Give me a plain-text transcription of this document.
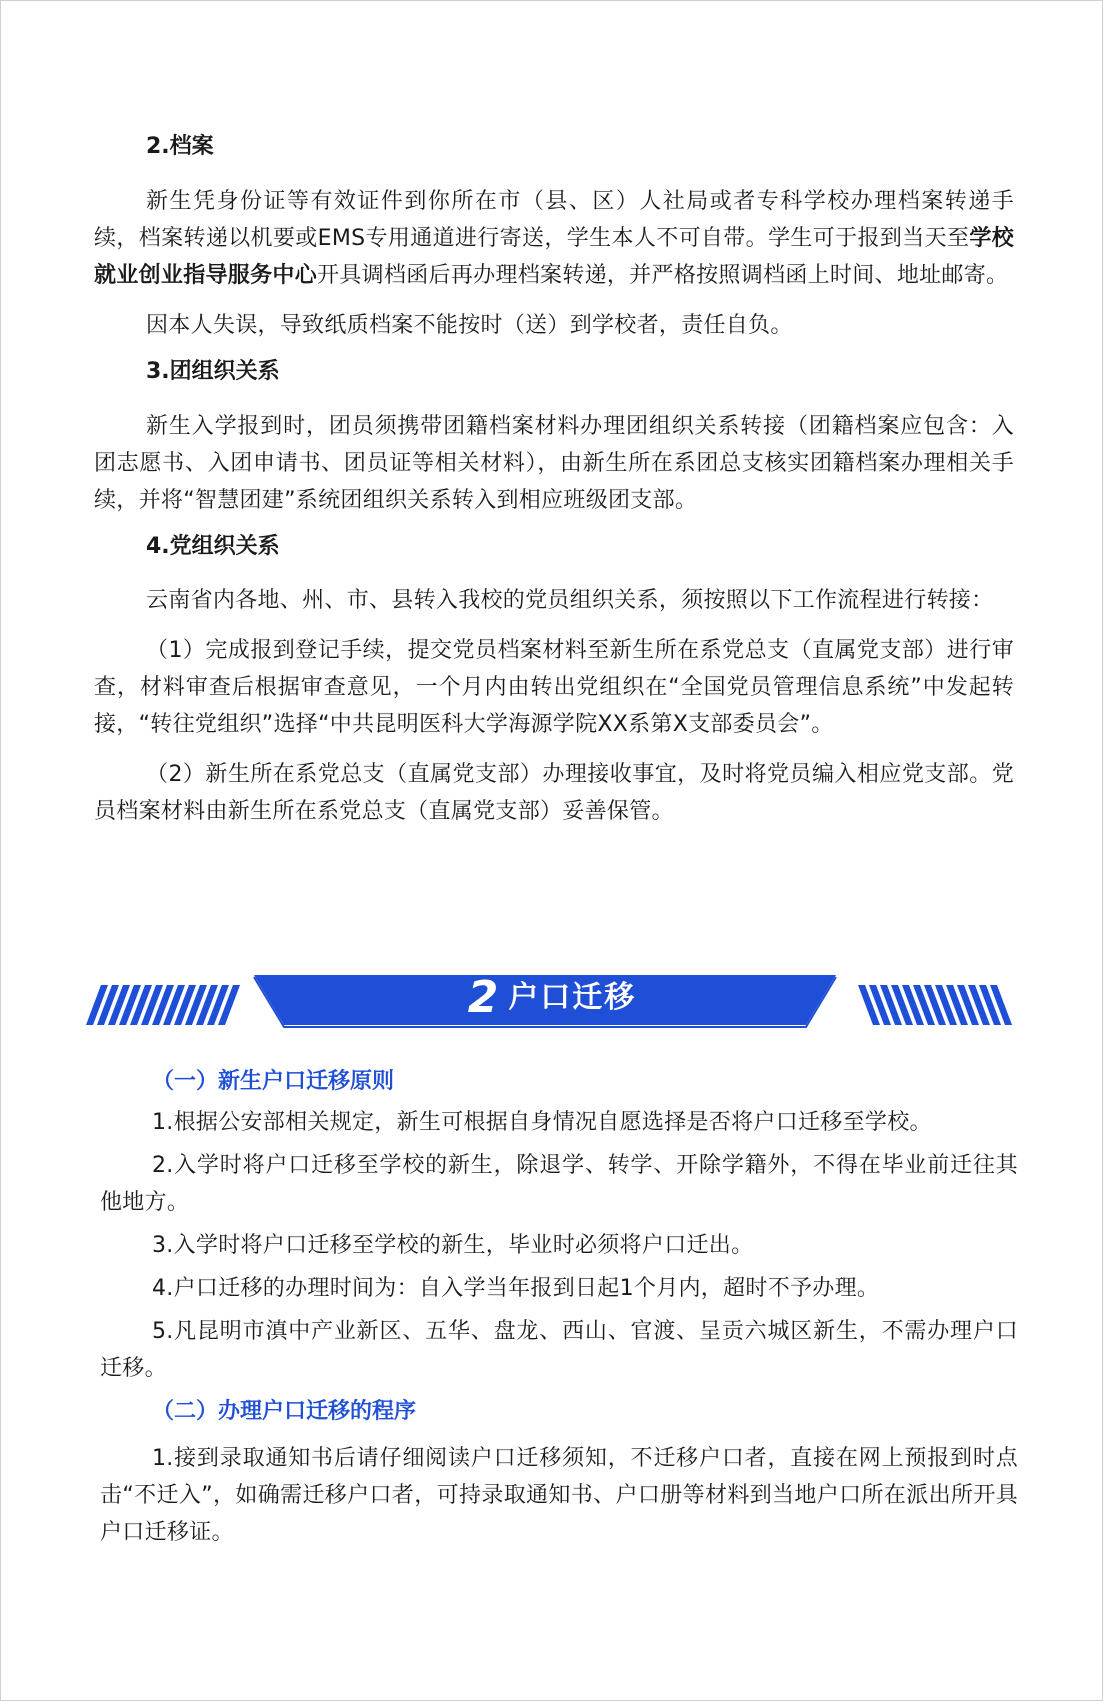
2.档案

新生凭身份证等有效证件到你所在市（县、区）人社局或者专科学校办理档案转递手续，档案转递以机要或EMS专用通道进行寄送，学生本人不可自带。学生可于报到当天至学校就业创业指导服务中心开具调档函后再办理档案转递，并严格按照调档函上时间、地址邮寄。

因本人失误，导致纸质档案不能按时（送）到学校者，责任自负。

3.团组织关系

新生入学报到时，团员须携带团籍档案材料办理团组织关系转接（团籍档案应包含：入团志愿书、入团申请书、团员证等相关材料），由新生所在系团总支核实团籍档案办理相关手续，并将“智慧团建”系统团组织关系转入到相应班级团支部。

4.党组织关系

云南省内各地、州、市、县转入我校的党员组织关系，须按照以下工作流程进行转接：

（1）完成报到登记手续，提交党员档案材料至新生所在系党总支（直属党支部）进行审查，材料审查后根据审查意见，一个月内由转出党组织在“全国党员管理信息系统”中发起转接，“转往党组织”选择“中共昆明医科大学海源学院XX系第X支部委员会”。

（2）新生所在系党总支（直属党支部）办理接收事宜，及时将党员编入相应党支部。党员档案材料由新生所在系党总支（直属党支部）妥善保管。

2 户口迁移
（一）新生户口迁移原则

1.根据公安部相关规定，新生可根据自身情况自愿选择是否将户口迁移至学校。

2.入学时将户口迁移至学校的新生，除退学、转学、开除学籍外，不得在毕业前迁往其他地方。

3.入学时将户口迁移至学校的新生，毕业时必须将户口迁出。

4.户口迁移的办理时间为：自入学当年报到日起1个月内，超时不予办理。

5.凡昆明市滇中产业新区、五华、盘龙、西山、官渡、呈贡六城区新生，不需办理户口迁移。

（二）办理户口迁移的程序

1.接到录取通知书后请仔细阅读户口迁移须知，不迁移户口者，直接在网上预报到时点击“不迁入”，如确需迁移户口者，可持录取通知书、户口册等材料到当地户口所在派出所开具户口迁移证。
